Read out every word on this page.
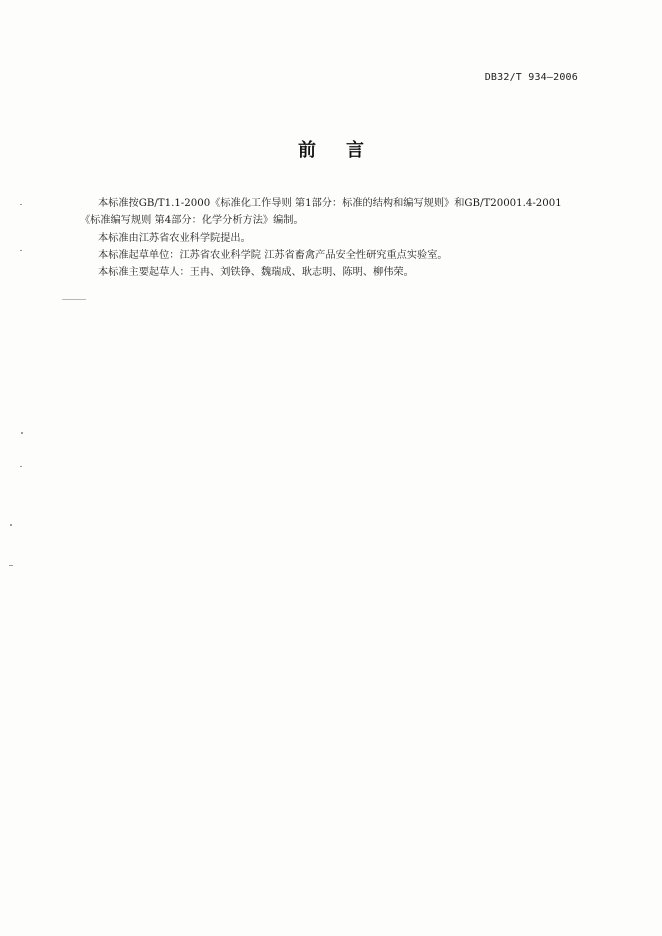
DB32/T 934—2006
前言

本标准按GB/T1.1-2000《标准化工作导则 第1部分：标准的结构和编写规则》和GB/T20001.4-2001

《标准编写规则 第4部分：化学分析方法》编制。

本标准由江苏省农业科学院提出。

本标准起草单位：江苏省农业科学院 江苏省畜禽产品安全性研究重点实验室。

本标准主要起草人：王冉、刘铁铮、魏瑞成、耿志明、陈明、柳伟荣。
